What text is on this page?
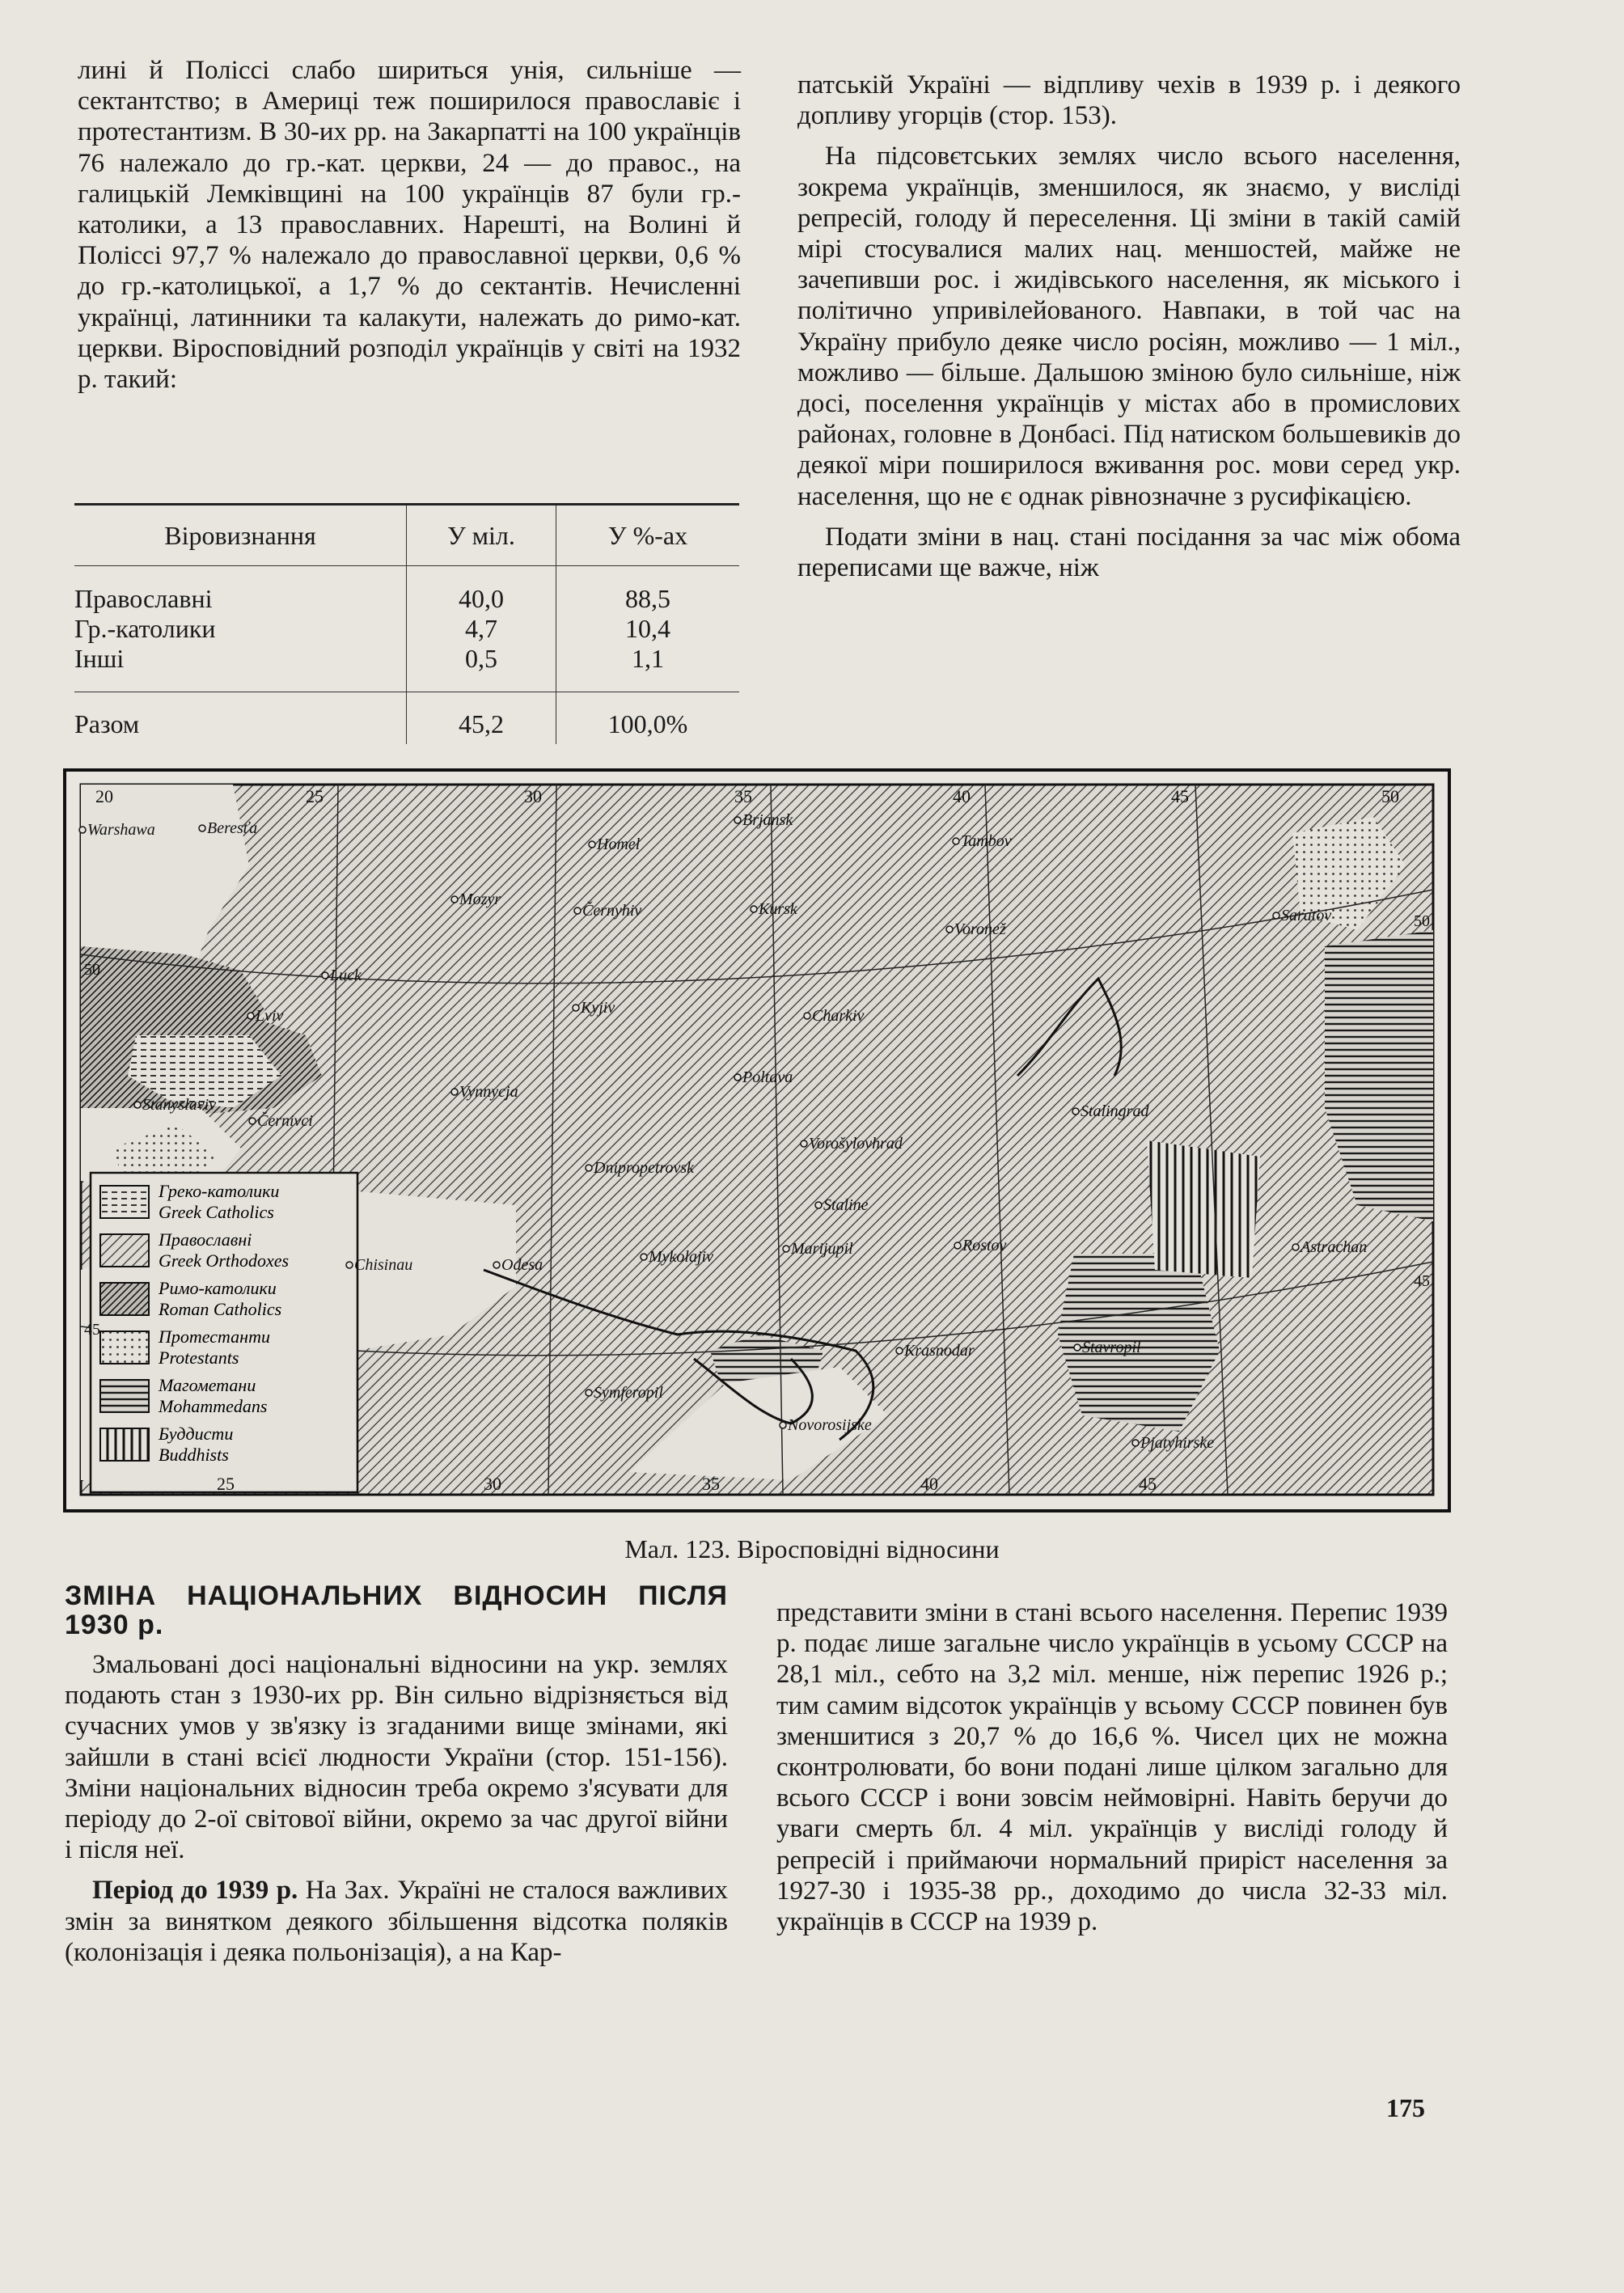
лині й Поліссі слабо шириться унія, сильніше — сектантство; в Америці теж поширилося православіє і протестантизм. В 30-их рр. на Закарпатті на 100 українців 76 належало до гр.-кат. церкви, 24 — до правос., на галицькій Лемківщині на 100 українців 87 були гр.-католики, а 13 православних. Нарешті, на Волині й Поліссі 97,7 % належало до православної церкви, 0,6 % до гр.-католицької, а 1,7 % до сектантів. Нечисленні українці, латинники та калакути, належать до римо-кат. церкви. Віросповідний розподіл українців у світі на 1932 р. такий:

Віровизнання	У міл.	У %-ах

Православні	40,0	88,5
Гр.-католики	4,7	10,4
Інші	0,5	1,1

Разом	45,2	100,0%

патській Україні — відпливу чехів в 1939 р. і деякого допливу угорців (стор. 153).

На підсовєтських землях число всього населення, зокрема українців, зменшилося, як знаємо, у висліді репресій, голоду й переселення. Ці зміни в такій самій мірі стосувалися малих нац. меншостей, майже не зачепивши рос. і жидівського населення, як міського і політично упривілейованого. Навпаки, в той час на Україну прибуло деяке число росіян, можливо — 1 міл., можливо — більше. Дальшою зміною було сильніше, ніж досі, поселення українців у містах або в промислових районах, головне в Донбасі. Під натиском большевиків до деякої міри поширилося вживання рос. мови серед укр. населення, що не є однак рівнозначне з русифікацією.

Подати зміни в нац. стані посідання за час між обома переписами ще важче, ніж

Греко-католики
Greek Catholics
Православні
Greek Orthodoxes
Римо-католики
Roman Catholics
Протестанти
Protestants
Магометани
Mohammedans
Буддисти
Buddhists
20	25	30	35	40	45	50
25	30	35	40	45
50
45
50
45
Warshawa	Beresťa
Homel
Brjansk
Tambov
Mozyr
Černyhiv	Kursk
Voronež
Saratov
Luck
Kyjiv	Charkiv
Lviv
Poltava
Stalingrad
Vynnycja
Stanyslaviv
Černivci
Dnipropetrovsk
Vorošylovhrad
Staline
Chisinau	Odesa	Mykolajiv	Marijupil	Rostov	Astrachan
Krasnodar	Stavropil
Symferopil
Novorosijske
Pjatyhirske
Мал. 123. Віросповідні відносини
ЗМІНА НАЦІОНАЛЬНИХ ВІДНОСИН ПІСЛЯ 1930 р.

Змальовані досі національні відносини на укр. землях подають стан з 1930-их рр. Він сильно відрізняється від сучасних умов у зв'язку із згаданими вище змінами, які зайшли в стані всієї людности України (стор. 151-156). Зміни національних відносин треба окремо з'ясувати для періоду до 2-ої світової війни, окремо за час другої війни і після неї.

Період до 1939 р. На Зах. Україні не сталося важливих змін за винятком деякого збільшення відсотка поляків (колонізація і деяка польонізація), а на Кар-

представити зміни в стані всього населення. Перепис 1939 р. подає лише загальне число українців в усьому СССР на 28,1 міл., себто на 3,2 міл. менше, ніж перепис 1926 р.; тим самим відсоток українців у всьому СССР повинен був зменшитися з 20,7 % до 16,6 %. Чисел цих не можна сконтролювати, бо вони подані лише цілком загально для всього СССР і вони зовсім неймовірні. Навіть беручи до уваги смерть бл. 4 міл. українців у висліді голоду й репресій і приймаючи нормальний приріст населення за 1927-30 і 1935-38 рр., доходимо до числа 32-33 міл. українців в СССР на 1939 р.

175
